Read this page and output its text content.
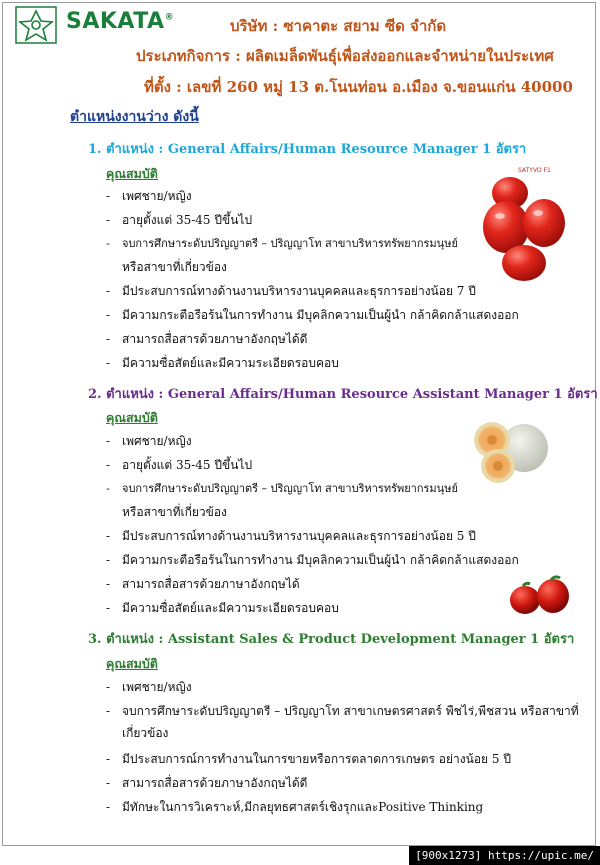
SAKATA®	บริษัท : ซาคาตะ สยาม ซีด จำกัด
ประเภทกิจการ : ผลิตเมล็ดพันธุ์เพื่อส่งออกและจำหน่ายในประเทศ
ที่ตั้ง : เลขที่ 260 หมู่ 13 ต.โนนท่อน อ.เมือง จ.ขอนแก่น 40000
ตำแหน่งงานว่าง ดังนี้
1. ตำแหน่ง : General Affairs/Human Resource Manager 1 อัตรา
คุณสมบัติ
- เพศชาย/หญิง
- อายุตั้งแต่ 35-45 ปีขึ้นไป
- จบการศึกษาระดับปริญญาตรี – ปริญญาโท สาขาบริหารทรัพยากรมนุษย์
หรือสาขาที่เกี่ยวข้อง
- มีประสบการณ์ทางด้านงานบริหารงานบุคคลและธุรการอย่างน้อย 7 ปี
- มีความกระตือรือร้นในการทำงาน มีบุคลิกความเป็นผู้นำ กล้าคิดกล้าแสดงออก
- สามารถสื่อสารด้วยภาษาอังกฤษได้ดี
- มีความซื่อสัตย์และมีความระเอียดรอบคอบ
2. ตำแหน่ง : General Affairs/Human Resource Assistant Manager 1 อัตรา
คุณสมบัติ
- เพศชาย/หญิง
- อายุตั้งแต่ 35-45 ปีขึ้นไป
- จบการศึกษาระดับปริญญาตรี – ปริญญาโท สาขาบริหารทรัพยากรมนุษย์
หรือสาขาที่เกี่ยวข้อง
- มีประสบการณ์ทางด้านงานบริหารงานบุคคลและธุรการอย่างน้อย 5 ปี
- มีความกระตือรือร้นในการทำงาน มีบุคลิกความเป็นผู้นำ กล้าคิดกล้าแสดงออก
- สามารถสื่อสารด้วยภาษาอังกฤษได้
- มีความซื่อสัตย์และมีความระเอียดรอบคอบ
3. ตำแหน่ง : Assistant Sales & Product Development Manager 1 อัตรา
คุณสมบัติ
- เพศชาย/หญิง
- จบการศึกษาระดับปริญญาตรี – ปริญญาโท สาขาเกษตรศาสตร์ พืชไร่,พืชสวน หรือสาขาที่
เกี่ยวข้อง
- มีประสบการณ์การทำงานในการขายหรือการตลาดการเกษตร อย่างน้อย 5 ปี
- สามารถสื่อสารด้วยภาษาอังกฤษได้ดี
- มีทักษะในการวิเคราะห์,มีกลยุทธศาสตร์เชิงรุกและPositive Thinking
SATYVO F1
[900x1273] https://upic.me/
